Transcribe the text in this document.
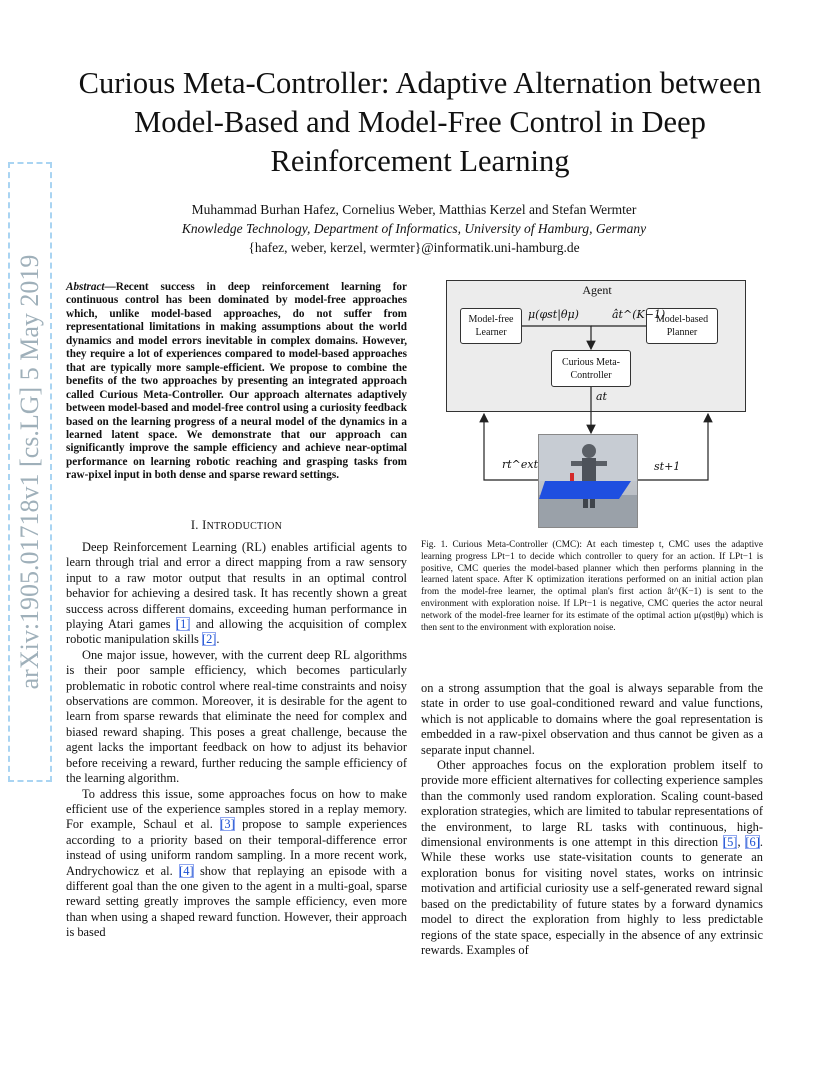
arXiv:1905.01718v1 [cs.LG] 5 May 2019
Curious Meta-Controller: Adaptive Alternation between Model-Based and Model-Free Control in Deep Reinforcement Learning
Muhammad Burhan Hafez, Cornelius Weber, Matthias Kerzel and Stefan Wermter
Knowledge Technology, Department of Informatics, University of Hamburg, Germany
{hafez, weber, kerzel, wermter}@informatik.uni-hamburg.de
Abstract—Recent success in deep reinforcement learning for continuous control has been dominated by model-free approaches which, unlike model-based approaches, do not suffer from representational limitations in making assumptions about the world dynamics and model errors inevitable in complex domains. However, they require a lot of experiences compared to model-based approaches that are typically more sample-efficient. We propose to combine the benefits of the two approaches by presenting an integrated approach called Curious Meta-Controller. Our approach alternates adaptively between model-based and model-free control using a curiosity feedback based on the learning progress of a neural model of the dynamics in a learned latent space. We demonstrate that our approach can significantly improve the sample efficiency and achieve near-optimal performance on learning robotic reaching and grasping tasks from raw-pixel input in both dense and sparse reward settings.
I. INTRODUCTION

Deep Reinforcement Learning (RL) enables artificial agents to learn through trial and error a direct mapping from a raw sensory input to a raw motor output that results in an optimal control behavior for achieving a desired task. It has recently shown a great success across different domains, exceeding human performance in playing Atari games [1] and allowing the acquisition of complex robotic manipulation skills [2].

One major issue, however, with the current deep RL algorithms is their poor sample efficiency, which becomes particularly problematic in robotic control where real-time constraints and noisy observations are common. Moreover, it is desirable for the agent to learn from sparse rewards that eliminate the need for complex and biased reward shaping. This poses a great challenge, because the agent lacks the important feedback on how to adjust its behavior before receiving a reward, further reducing the sample efficiency of the learning algorithm.

To address this issue, some approaches focus on how to make efficient use of the experience samples stored in a replay memory. For example, Schaul et al. [3] propose to sample experiences according to a priority based on their temporal-difference error instead of using uniform random sampling. In a more recent work, Andrychowicz et al. [4] show that replaying an episode with a different goal than the one given to the agent in a multi-goal, sparse reward setting greatly improves the sample efficiency, even more than when using a shaped reward function. However, their approach is based

Agent
Model-free Learner
Model-based Planner
Curious Meta-Controller
μ(φst|θμ)	ât^(K−1)
at
rt^ext	st+1
Fig. 1. Curious Meta-Controller (CMC): At each timestep t, CMC uses the adaptive learning progress LPt−1 to decide which controller to query for an action. If LPt−1 is positive, CMC queries the model-based planner which then performs planning in the learned latent space. After K optimization iterations performed on an initial action plan from the model-free learner, the optimal plan's first action ât^(K−1) is sent to the environment with exploration noise. If LPt−1 is negative, CMC queries the actor neural network of the model-free learner for its estimate of the optimal action μ(φst|θμ) which is then sent to the environment with exploration noise.

on a strong assumption that the goal is always separable from the state in order to use goal-conditioned reward and value functions, which is not applicable to domains where the goal representation is embedded in a raw-pixel observation and thus cannot be given as a separate input channel.

Other approaches focus on the exploration problem itself to provide more efficient alternatives for collecting experience samples than the commonly used random exploration. Scaling count-based exploration strategies, which are limited to tabular representations of the environment, to large RL tasks with continuous, high-dimensional environments is one attempt in this direction [5], [6]. While these works use state-visitation counts to generate an exploration bonus for visiting novel states, works on intrinsic motivation and artificial curiosity use a self-generated reward signal based on the predictability of future states by a forward dynamics model to direct the exploration from highly to less predictable regions of the state space, especially in the absence of any extrinsic rewards. Examples of
